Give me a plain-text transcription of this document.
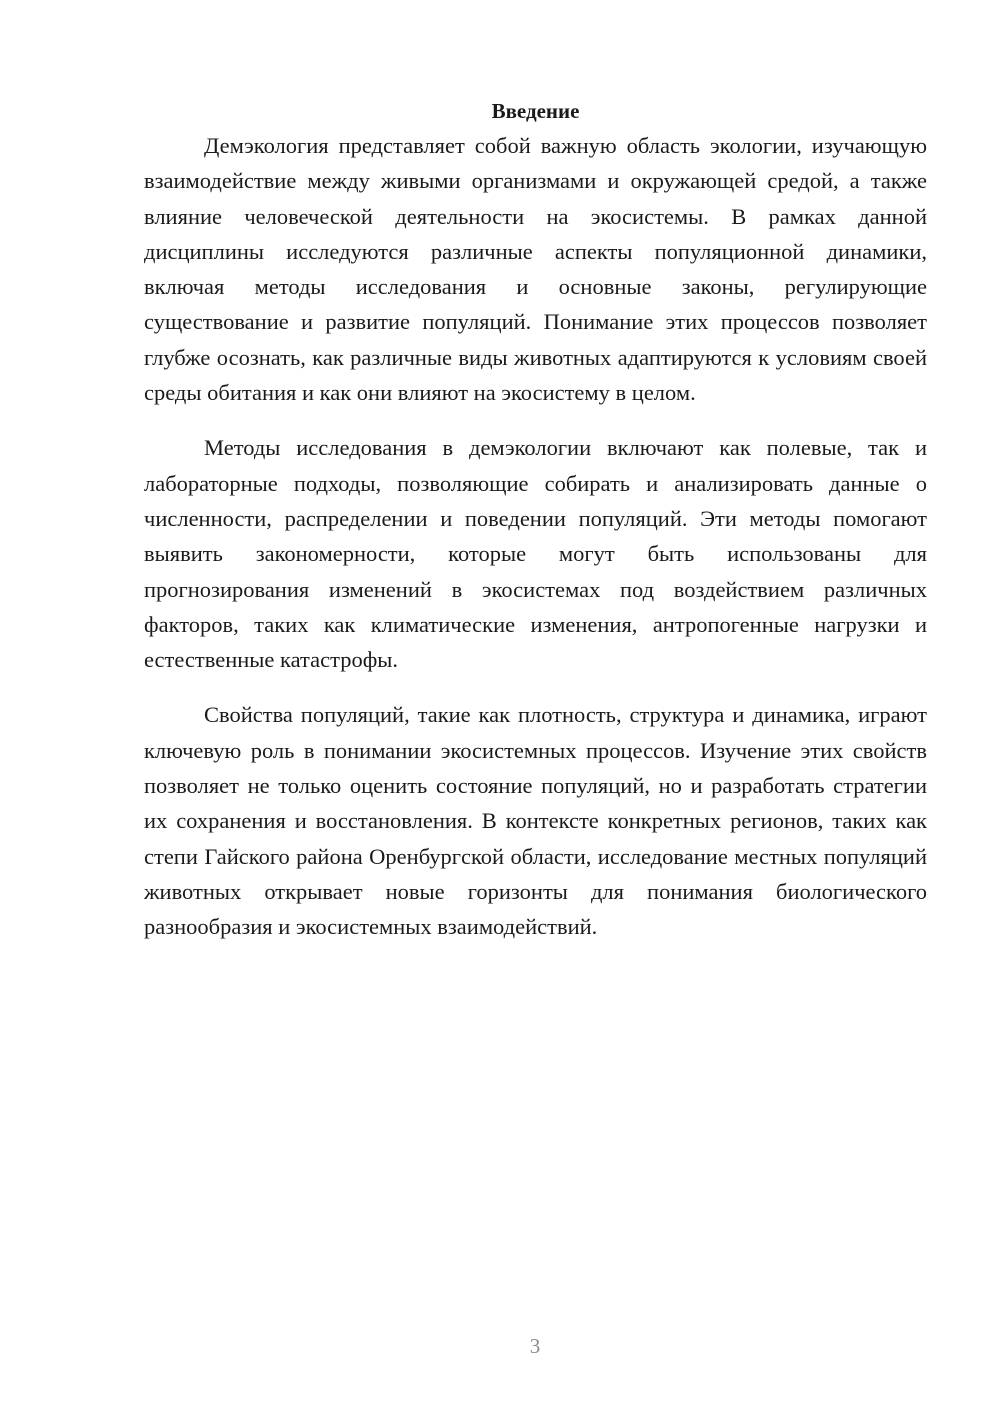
Введение

Демэкология представляет собой важную область экологии, изучающую взаимодействие между живыми организмами и окружающей средой, а также влияние человеческой деятельности на экосистемы. В рамках данной дисциплины исследуются различные аспекты популяционной динамики, включая методы исследования и основные законы, регулирующие существование и развитие популяций. Понимание этих процессов позволяет глубже осознать, как различные виды животных адаптируются к условиям своей среды обитания и как они влияют на экосистему в целом.

Методы исследования в демэкологии включают как полевые, так и лабораторные подходы, позволяющие собирать и анализировать данные о численности, распределении и поведении популяций. Эти методы помогают выявить закономерности, которые могут быть использованы для прогнозирования изменений в экосистемах под воздействием различных факторов, таких как климатические изменения, антропогенные нагрузки и естественные катастрофы.

Свойства популяций, такие как плотность, структура и динамика, играют ключевую роль в понимании экосистемных процессов. Изучение этих свойств позволяет не только оценить состояние популяций, но и разработать стратегии их сохранения и восстановления. В контексте конкретных регионов, таких как степи Гайского района Оренбургской области, исследование местных популяций животных открывает новые горизонты для понимания биологического разнообразия и экосистемных взаимодействий.

3
